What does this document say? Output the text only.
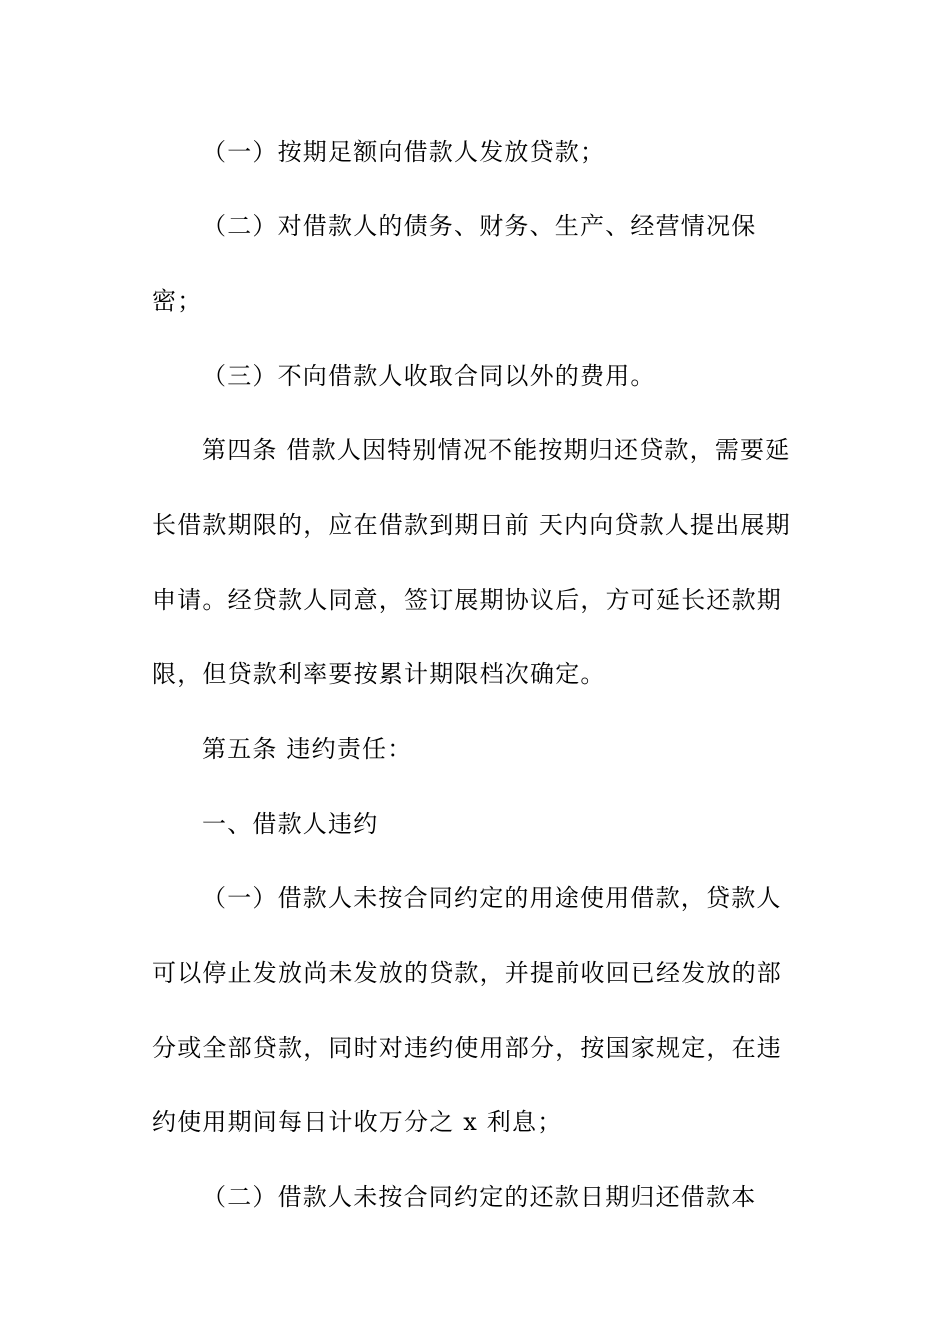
（一）按期足额向借款人发放贷款；
（二）对借款人的债务、财务、生产、经营情况保
密；
（三）不向借款人收取合同以外的费用。
第四条 借款人因特别情况不能按期归还贷款，需要延
长借款期限的，应在借款到期日前 天内向贷款人提出展期
申请。经贷款人同意，签订展期协议后，方可延长还款期
限，但贷款利率要按累计期限档次确定。
第五条 违约责任：
一、借款人违约
（一）借款人未按合同约定的用途使用借款，贷款人
可以停止发放尚未发放的贷款，并提前收回已经发放的部
分或全部贷款，同时对违约使用部分，按国家规定，在违
约使用期间每日计收万分之 x 利息；
（二）借款人未按合同约定的还款日期归还借款本
